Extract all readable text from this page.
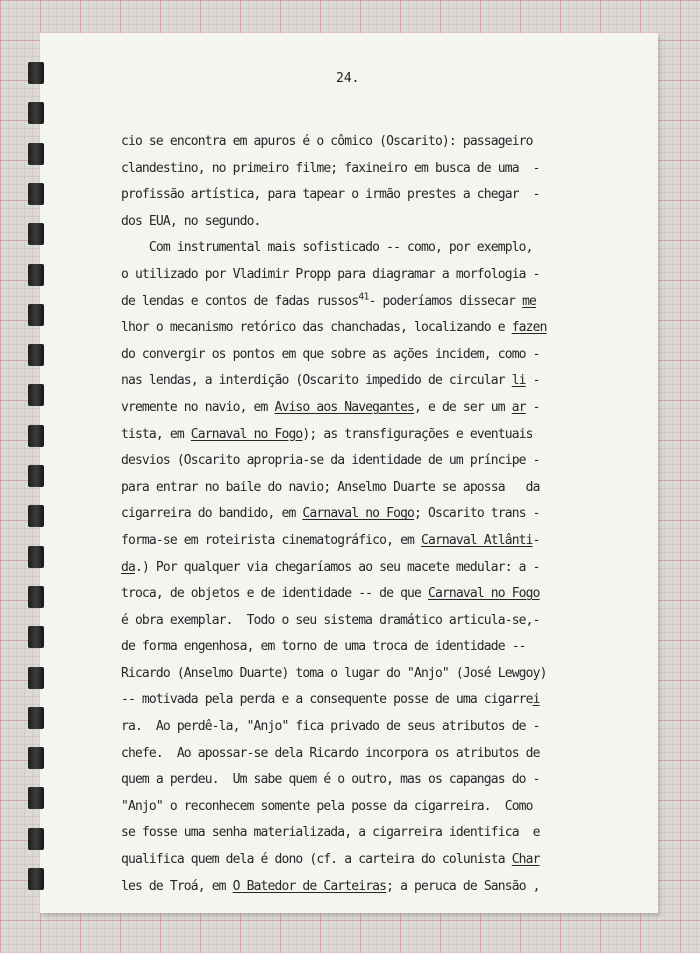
24.
cio se encontra em apuros é o cômico (Oscarito): passageiro
clandestino, no primeiro filme; faxineiro em busca de uma  -
profissão artística, para tapear o irmão prestes a chegar  -
dos EUA, no segundo.
Com instrumental mais sofisticado -- como, por exemplo,
o utilizado por Vladimir Propp para diagramar a morfologia -
de lendas e contos de fadas russos$^{41}$- poderíamos dissecar me
lhor o mecanismo retórico das chanchadas, localizando e fazen
do convergir os pontos em que sobre as ações incidem, como -
nas lendas, a interdição (Oscarito impedido de circular li -
vremente no navio, em Aviso aos Navegantes, e de ser um ar -
tista, em Carnaval no Fogo); as transfigurações e eventuais
desvios (Oscarito apropria-se da identidade de um príncipe -
para entrar no baile do navio; Anselmo Duarte se apossa   da
cigarreira do bandido, em Carnaval no Fogo; Oscarito trans -
forma-se em roteirista cinematográfico, em Carnaval Atlânti-
da.) Por qualquer via chegaríamos ao seu macete medular: a -
troca, de objetos e de identidade -- de que Carnaval no Fogo
é obra exemplar.  Todo o seu sistema dramático articula-se,-
de forma engenhosa, em torno de uma troca de identidade --
Ricardo (Anselmo Duarte) toma o lugar do "Anjo" (José Lewgoy)
-- motivada pela perda e a consequente posse de uma cigarrei
ra.  Ao perdê-la, "Anjo" fica privado de seus atributos de -
chefe.  Ao apossar-se dela Ricardo incorpora os atributos de
quem a perdeu.  Um sabe quem é o outro, mas os capangas do -
"Anjo" o reconhecem somente pela posse da cigarreira.  Como
se fosse uma senha materializada, a cigarreira identifica  e
qualifica quem dela é dono (cf. a carteira do colunista Char
les de Troá, em O Batedor de Carteiras; a peruca de Sansão ,
